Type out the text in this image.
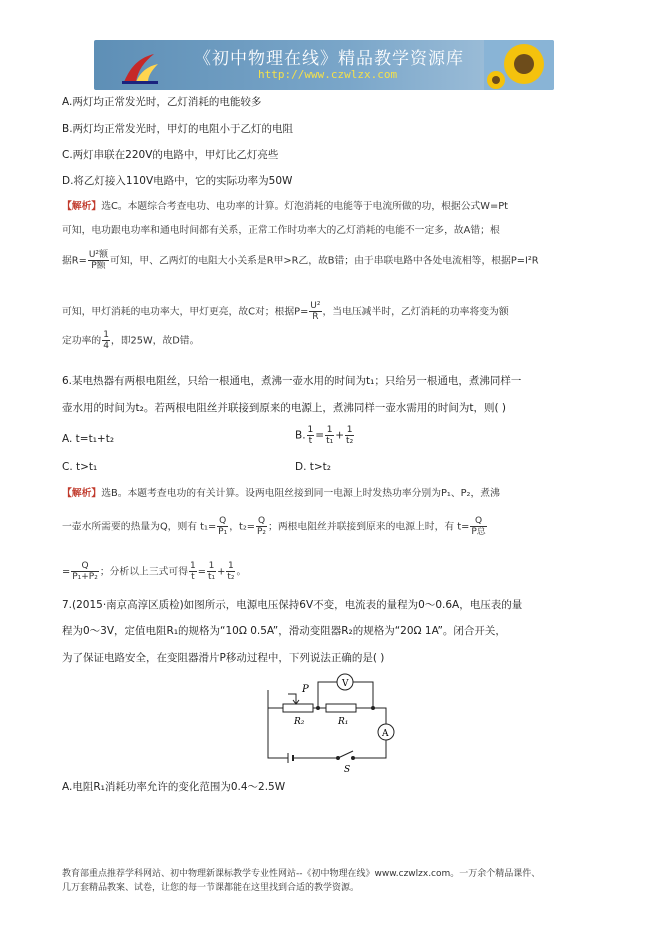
《初中物理在线》精品教学资源库
http://www.czwlzx.com
A.两灯均正常发光时，乙灯消耗的电能较多
B.两灯均正常发光时，甲灯的电阻小于乙灯的电阻
C.两灯串联在220V的电路中，甲灯比乙灯亮些
D.将乙灯接入110V电路中，它的实际功率为50W
【解析】选C。本题综合考查电功、电功率的计算。灯泡消耗的电能等于电流所做的功，根据公式W=Pt
可知，电功跟电功率和通电时间都有关系，正常工作时功率大的乙灯消耗的电能不一定多，故A错；根
据$R= \frac{\text{U²额}}{\text{P额}}$ 可知，甲、乙两灯的电阻大小关系是R甲>R乙，故B错；由于串联电路中各处电流相等，根据P=I²R
可知，甲灯消耗的电功率大，甲灯更亮，故C对；根据$P= \frac{\text{U²}}{R}$ ，当电压减半时，乙灯消耗的功率将变为额
定功率的 $\frac{1}{4}$ ，即25W，故D错。
6.某电热器有两根电阻丝，只给一根通电，煮沸一壶水用的时间为t₁；只给另一根通电，煮沸同样一
壶水用的时间为t₂。若两根电阻丝并联接到原来的电源上，煮沸同样一壶水需用的时间为t，则( )
A. t=t₁+t₂	B. $\frac{1}{t} = \frac{1}{\text{t₁}} + \frac{1}{\text{t₂}}$
C. t>t₁	D. t>t₂
【解析】选B。本题考查电功的有关计算。设两电阻丝接到同一电源上时发热功率分别为P₁、P₂，煮沸
一壶水所需要的热量为Q，则有 $t_1= \frac{Q}{\text{P₁}}$ ，$t_2= \frac{Q}{\text{P₂}}$ ；两根电阻丝并联接到原来的电源上时，有 $t= \frac{Q}{\text{P总}}$
= $\frac{Q}{\text{P₁+P₂}}$ ；分析以上三式可得 $\frac{1}{t} = \frac{1}{\text{t₁}} + \frac{1}{\text{t₂}}$ 。
7.(2015·南京高淳区质检)如图所示，电源电压保持6V不变，电流表的量程为0～0.6A，电压表的量
程为0～3V，定值电阻R₁的规格为“10Ω 0.5A”，滑动变阻器R₂的规格为“20Ω 1A”。闭合开关，
为了保证电路安全，在变阻器滑片P移动过程中，下列说法正确的是( )
P
R₂	R₁
V
A
S
A.电阻R₁消耗功率允许的变化范围为0.4～2.5W
教育部重点推荐学科网站、初中物理新课标教学专业性网站--《初中物理在线》www.czwlzx.com。一万余个精品课件、
几万套精品教案、试卷，让您的每一节课都能在这里找到合适的教学资源。
